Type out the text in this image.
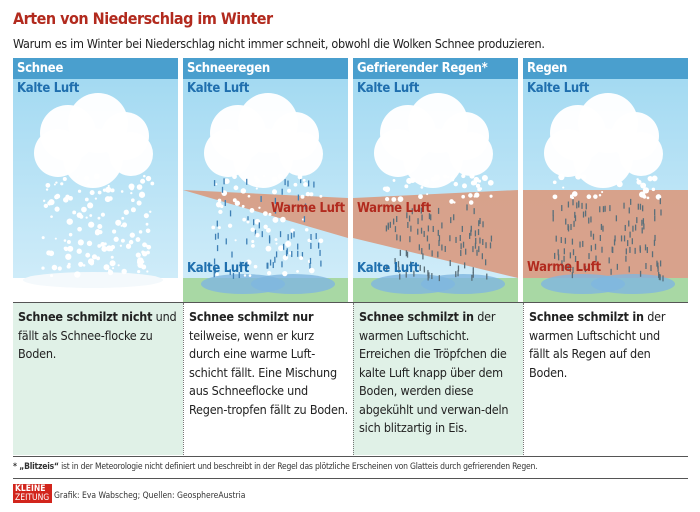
Arten von Niederschlag im Winter
Warum es im Winter bei Niederschlag nicht immer schneit, obwohl die Wolken Schnee produzieren.
Schnee
Kalte Luft
Schneeregen
Kalte Luft
Warme Luft
Kalte Luft
Gefrierender Regen*
Kalte Luft
Warme Luft
Kalte Luft
Regen
Kalte Luft
Warme Luft
Schnee schmilzt nicht und fällt als Schnee-flocke zu Boden.
Schnee schmilzt nur teilweise, wenn er kurz durch eine warme Luft-schicht fällt. Eine Mischung aus Schneeflocke und Regen-tropfen fällt zu Boden.
Schnee schmilzt in der warmen Luftschicht. Erreichen die Tröpfchen die kalte Luft knapp über dem Boden, werden diese abgekühlt und verwan-deln sich blitzartig in Eis.
Schnee schmilzt in der warmen Luftschicht und fällt als Regen auf den Boden.
* „Blitzeis“ ist in der Meteorologie nicht definiert und beschreibt in der Regel das plötzliche Erscheinen von Glatteis durch gefrierenden Regen.
KLEINE
ZEITUNG Grafik: Eva Wabscheg; Quellen: GeosphereAustria
